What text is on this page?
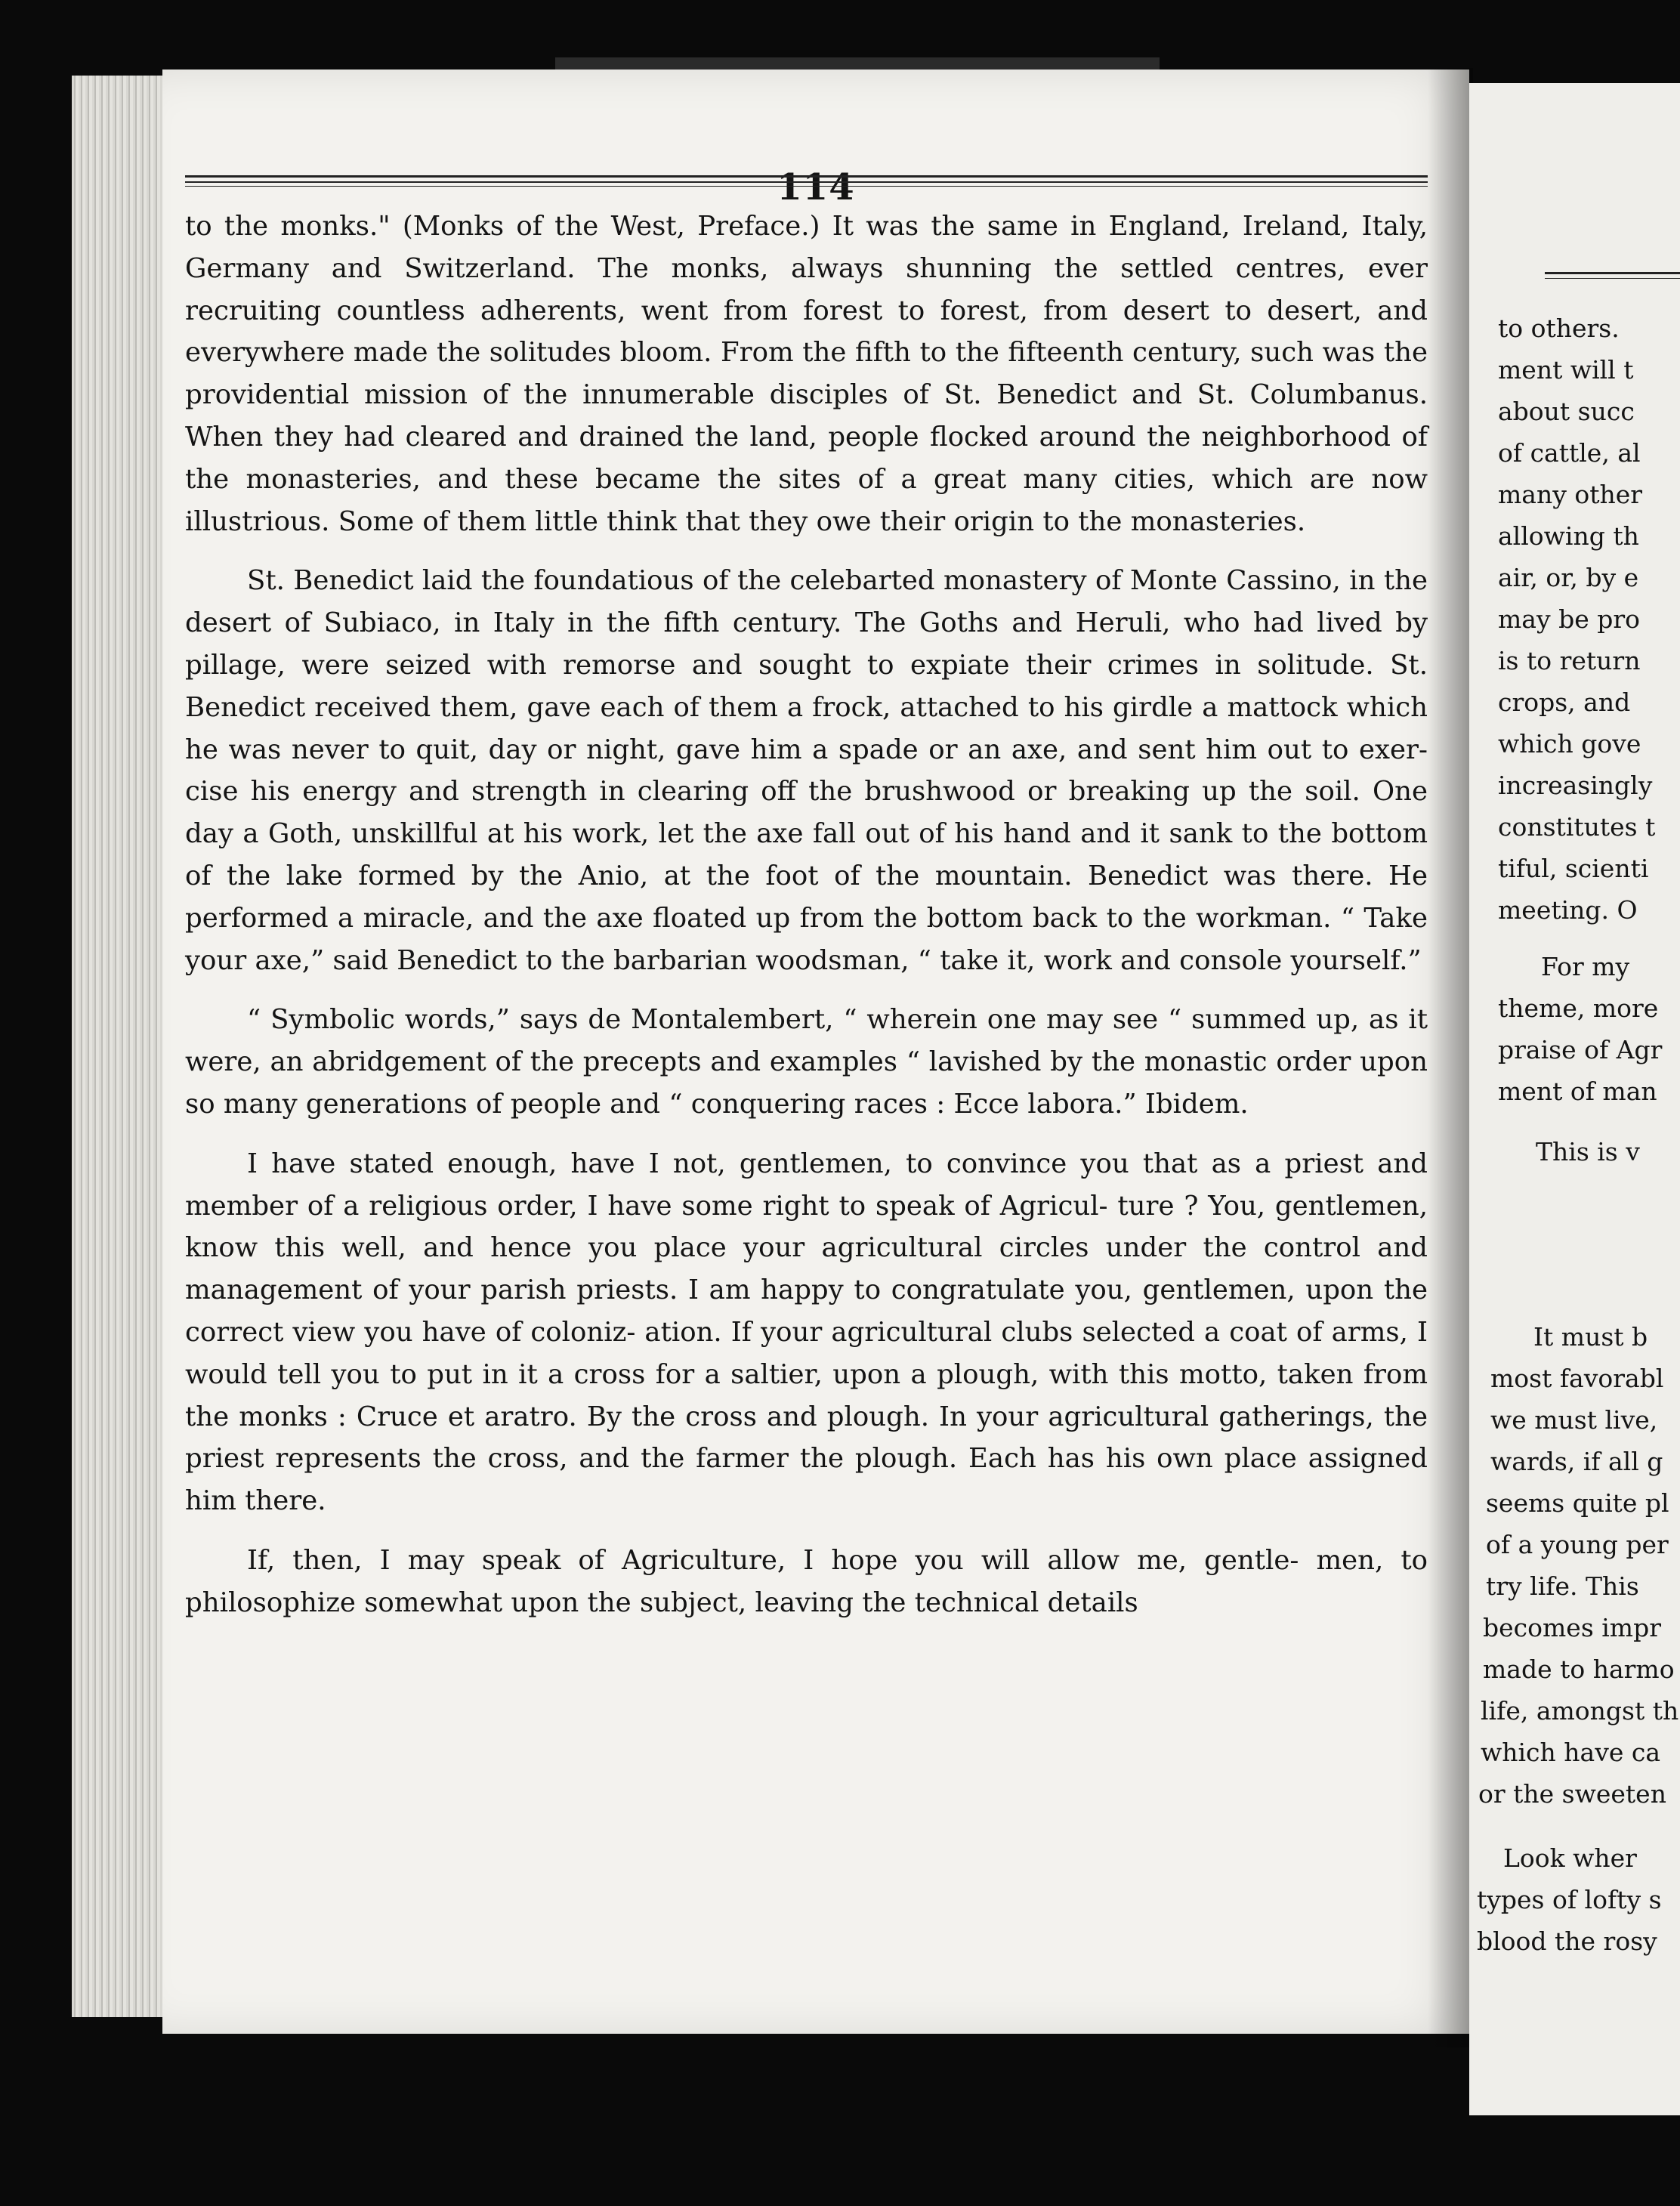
114

to the monks." (Monks of the West, Preface.) It was the same in England, Ireland, Italy, Germany and Switzerland. The monks, always shunning the settled centres, ever recruiting countless adherents, went from forest to forest, from desert to desert, and everywhere made the solitudes bloom. From the fifth to the fifteenth century, such was the providential mission of the innumerable disciples of St. Benedict and St. Columbanus. When they had cleared and drained the land, people flocked around the neighborhood of the monasteries, and these became the sites of a great many cities, which are now illustrious. Some of them little think that they owe their origin to the monasteries.

St. Benedict laid the foundatious of the celebarted monastery of Monte Cassino, in the desert of Subiaco, in Italy in the fifth century. The Goths and Heruli, who had lived by pillage, were seized with remorse and sought to expiate their crimes in solitude. St. Benedict received them, gave each of them a frock, attached to his girdle a mattock which he was never to quit, day or night, gave him a spade or an axe, and sent him out to exer- cise his energy and strength in clearing off the brushwood or breaking up the soil. One day a Goth, unskillful at his work, let the axe fall out of his hand and it sank to the bottom of the lake formed by the Anio, at the foot of the mountain. Benedict was there. He performed a miracle, and the axe floated up from the bottom back to the workman. “ Take your axe,” said Benedict to the barbarian woodsman, “ take it, work and console yourself.”

“ Symbolic words,” says de Montalembert, “ wherein one may see “ summed up, as it were, an abridgement of the precepts and examples “ lavished by the monastic order upon so many generations of people and “ conquering races : Ecce labora.” Ibidem.

I have stated enough, have I not, gentlemen, to convince you that as a priest and member of a religious order, I have some right to speak of Agricul- ture ? You, gentlemen, know this well, and hence you place your agricultural circles under the control and management of your parish priests. I am happy to congratulate you, gentlemen, upon the correct view you have of coloniz- ation. If your agricultural clubs selected a coat of arms, I would tell you to put in it a cross for a saltier, upon a plough, with this motto, taken from the monks : Cruce et aratro. By the cross and plough. In your agricultural gatherings, the priest represents the cross, and the farmer the plough. Each has his own place assigned him there.

If, then, I may speak of Agriculture, I hope you will allow me, gentle- men, to philosophize somewhat upon the subject, leaving the technical details

to others.
ment will t
about succ
of cattle, al
many other
allowing th
air, or, by e
may be pro
is to return
crops, and
which gove
increasingly
constitutes t
tiful, scienti
meeting. O
For my
theme, more
praise of Agr
ment of man
This is v
It must b
most favorabl
we must live,
wards, if all g
seems quite pl
of a young per
try life. This
becomes impr
made to harmo
life, amongst th
which have ca
or the sweeten
Look wher
types of lofty s
blood the rosy
